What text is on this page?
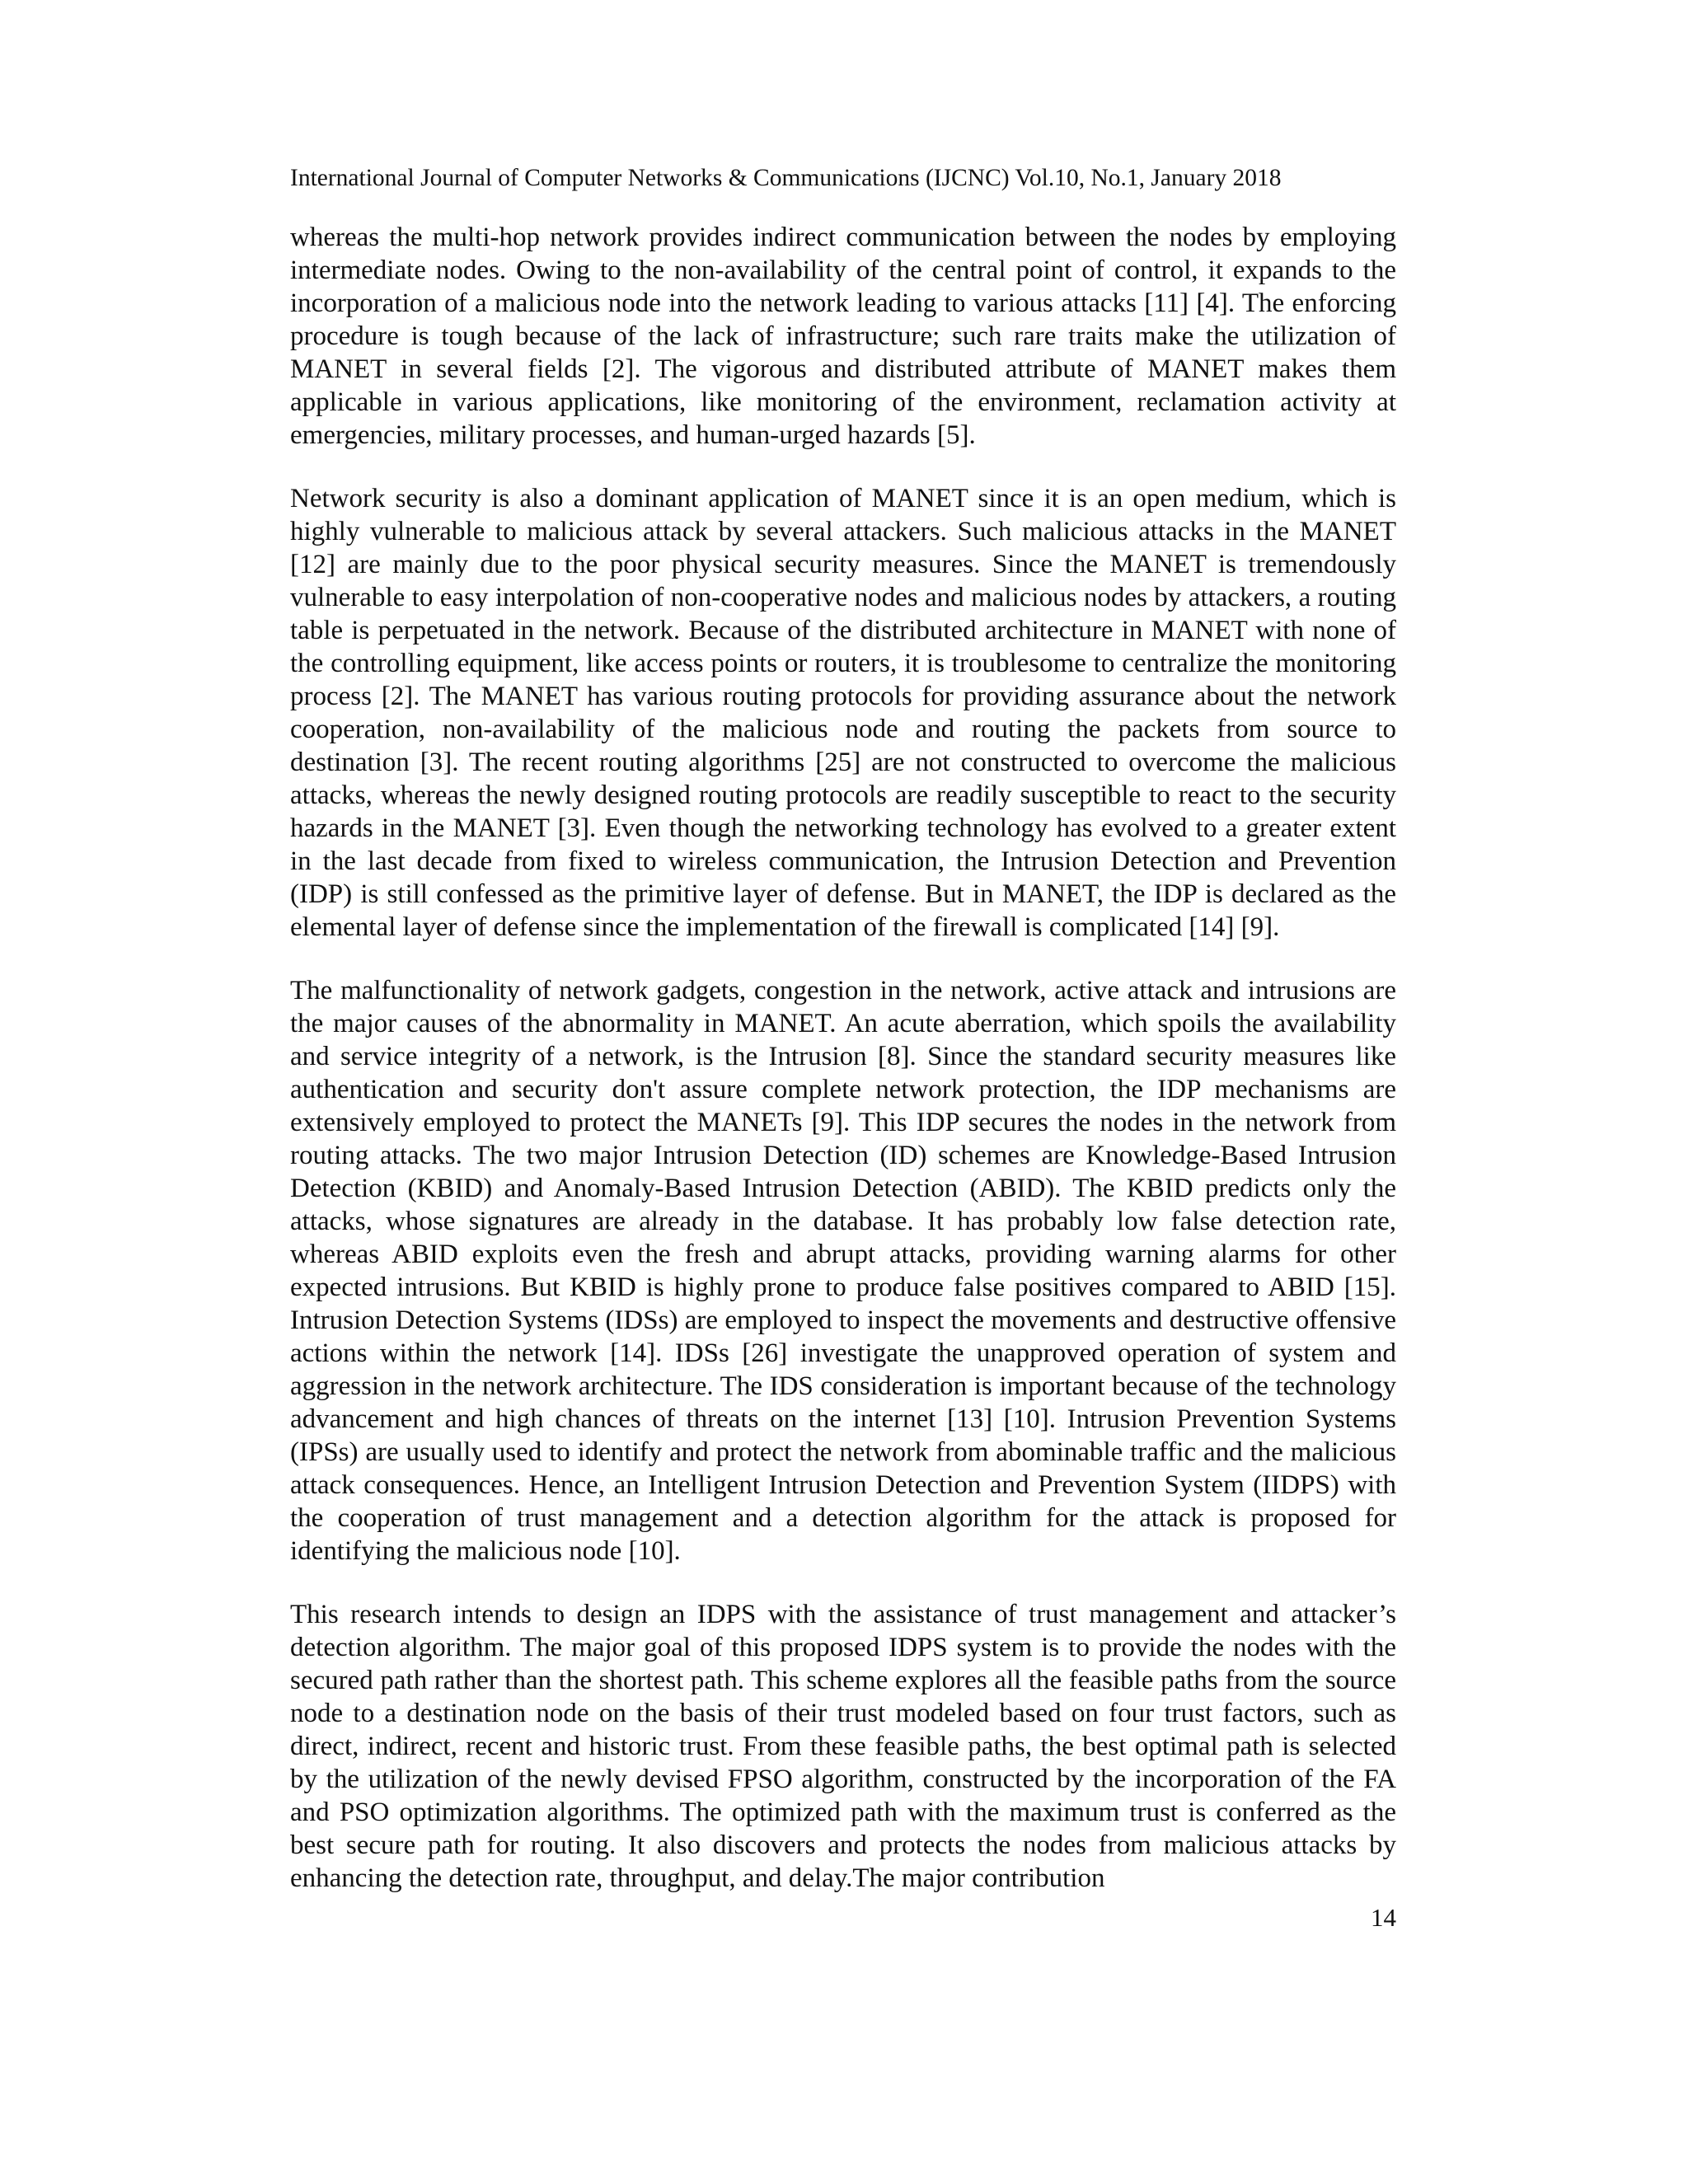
International Journal of Computer Networks & Communications (IJCNC) Vol.10, No.1, January 2018

whereas the multi-hop network provides indirect communication between the nodes by employing intermediate nodes. Owing to the non-availability of the central point of control, it expands to the incorporation of a malicious node into the network leading to various attacks [11] [4]. The enforcing procedure is tough because of the lack of infrastructure; such rare traits make the utilization of MANET in several fields [2]. The vigorous and distributed attribute of MANET makes them applicable in various applications, like monitoring of the environment, reclamation activity at emergencies, military processes, and human-urged hazards [5].

Network security is also a dominant application of MANET since it is an open medium, which is highly vulnerable to malicious attack by several attackers. Such malicious attacks in the MANET [12] are mainly due to the poor physical security measures. Since the MANET is tremendously vulnerable to easy interpolation of non-cooperative nodes and malicious nodes by attackers, a routing table is perpetuated in the network. Because of the distributed architecture in MANET with none of the controlling equipment, like access points or routers, it is troublesome to centralize the monitoring process [2]. The MANET has various routing protocols for providing assurance about the network cooperation, non-availability of the malicious node and routing the packets from source to destination [3]. The recent routing algorithms [25] are not constructed to overcome the malicious attacks, whereas the newly designed routing protocols are readily susceptible to react to the security hazards in the MANET [3]. Even though the networking technology has evolved to a greater extent in the last decade from fixed to wireless communication, the Intrusion Detection and Prevention (IDP) is still confessed as the primitive layer of defense. But in MANET, the IDP is declared as the elemental layer of defense since the implementation of the firewall is complicated [14] [9].

The malfunctionality of network gadgets, congestion in the network, active attack and intrusions are the major causes of the abnormality in MANET. An acute aberration, which spoils the availability and service integrity of a network, is the Intrusion [8]. Since the standard security measures like authentication and security don't assure complete network protection, the IDP mechanisms are extensively employed to protect the MANETs [9]. This IDP secures the nodes in the network from routing attacks. The two major Intrusion Detection (ID) schemes are Knowledge-Based Intrusion Detection (KBID) and Anomaly-Based Intrusion Detection (ABID). The KBID predicts only the attacks, whose signatures are already in the database. It has probably low false detection rate, whereas ABID exploits even the fresh and abrupt attacks, providing warning alarms for other expected intrusions. But KBID is highly prone to produce false positives compared to ABID [15]. Intrusion Detection Systems (IDSs) are employed to inspect the movements and destructive offensive actions within the network [14]. IDSs [26] investigate the unapproved operation of system and aggression in the network architecture. The IDS consideration is important because of the technology advancement and high chances of threats on the internet [13] [10]. Intrusion Prevention Systems (IPSs) are usually used to identify and protect the network from abominable traffic and the malicious attack consequences. Hence, an Intelligent Intrusion Detection and Prevention System (IIDPS) with the cooperation of trust management and a detection algorithm for the attack is proposed for identifying the malicious node [10].

This research intends to design an IDPS with the assistance of trust management and attacker’s detection algorithm. The major goal of this proposed IDPS system is to provide the nodes with the secured path rather than the shortest path. This scheme explores all the feasible paths from the source node to a destination node on the basis of their trust modeled based on four trust factors, such as direct, indirect, recent and historic trust. From these feasible paths, the best optimal path is selected by the utilization of the newly devised FPSO algorithm, constructed by the incorporation of the FA and PSO optimization algorithms. The optimized path with the maximum trust is conferred as the best secure path for routing. It also discovers and protects the nodes from malicious attacks by enhancing the detection rate, throughput, and delay.The major contribution

14
